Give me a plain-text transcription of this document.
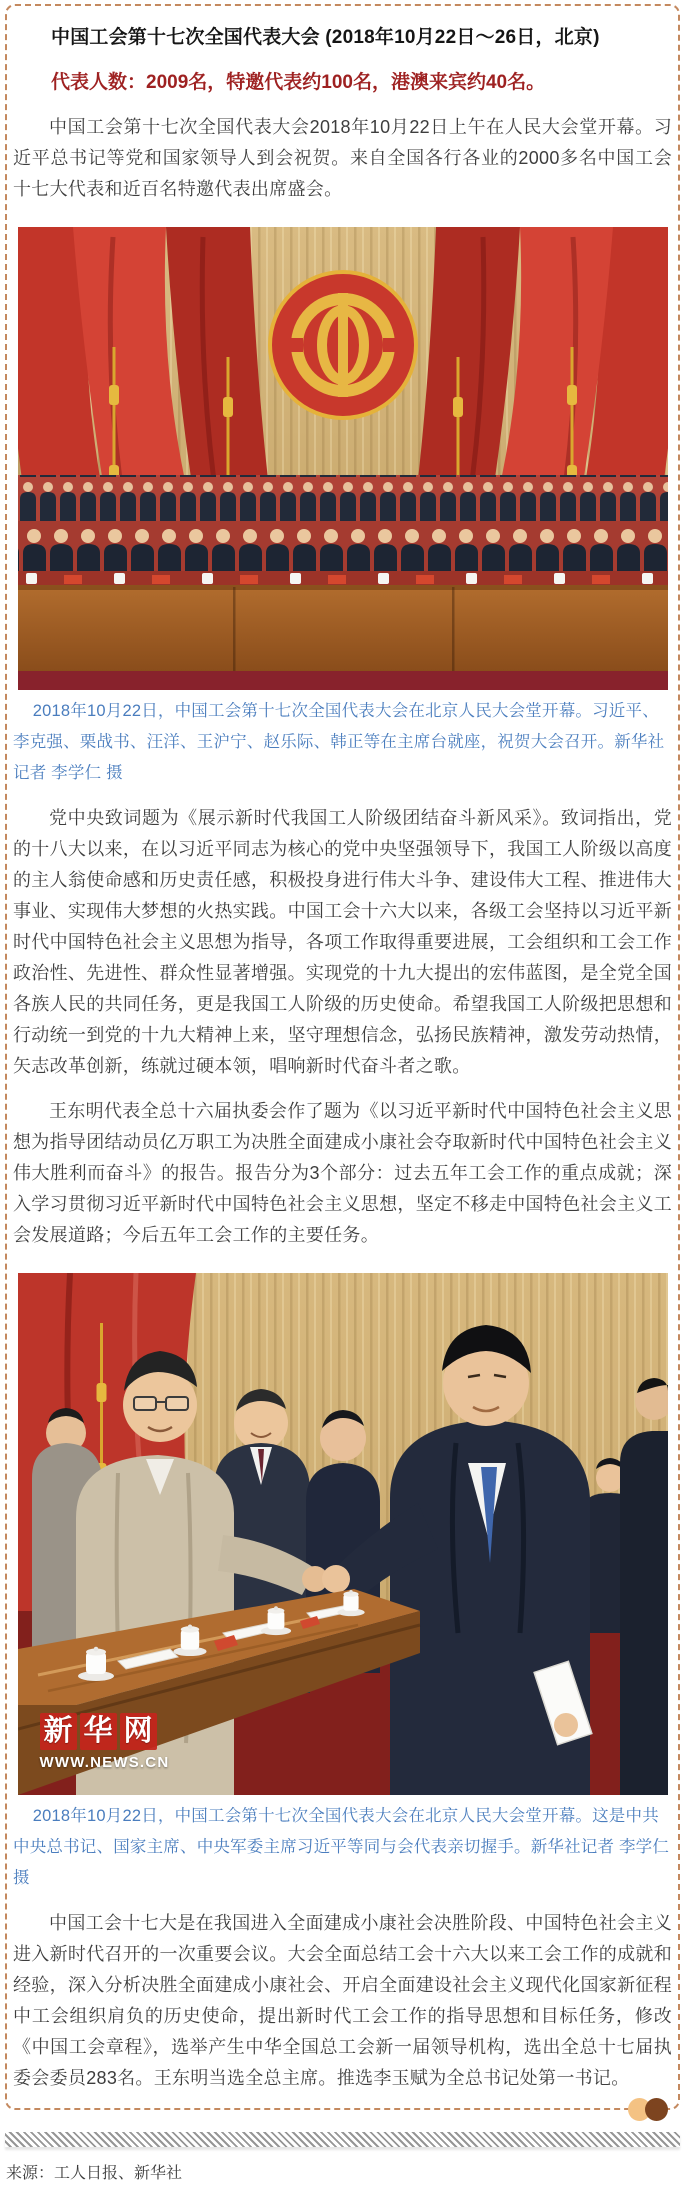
中国工会第十七次全国代表大会 (2018年10月22日～26日，北京)

代表人数：2009名，特邀代表约100名，港澳来宾约40名。

中国工会第十七次全国代表大会2018年10月22日上午在人民大会堂开幕。习近平总书记等党和国家领导人到会祝贺。来自全国各行各业的2000多名中国工会十七大代表和近百名特邀代表出席盛会。

2018年10月22日，中国工会第十七次全国代表大会在北京人民大会堂开幕。习近平、李克强、栗战书、汪洋、王沪宁、赵乐际、韩正等在主席台就座，祝贺大会召开。新华社记者 李学仁 摄

党中央致词题为《展示新时代我国工人阶级团结奋斗新风采》。致词指出，党的十八大以来，在以习近平同志为核心的党中央坚强领导下，我国工人阶级以高度的主人翁使命感和历史责任感，积极投身进行伟大斗争、建设伟大工程、推进伟大事业、实现伟大梦想的火热实践。中国工会十六大以来，各级工会坚持以习近平新时代中国特色社会主义思想为指导，各项工作取得重要进展，工会组织和工会工作政治性、先进性、群众性显著增强。实现党的十九大提出的宏伟蓝图，是全党全国各族人民的共同任务，更是我国工人阶级的历史使命。希望我国工人阶级把思想和行动统一到党的十九大精神上来，坚守理想信念，弘扬民族精神，激发劳动热情，矢志改革创新，练就过硬本领，唱响新时代奋斗者之歌。

王东明代表全总十六届执委会作了题为《以习近平新时代中国特色社会主义思想为指导团结动员亿万职工为决胜全面建成小康社会夺取新时代中国特色社会主义伟大胜利而奋斗》的报告。报告分为3个部分：过去五年工会工作的重点成就；深入学习贯彻习近平新时代中国特色社会主义思想，坚定不移走中国特色社会主义工会发展道路；今后五年工会工作的主要任务。

新 华 网
WWW.NEWS.CN

2018年10月22日，中国工会第十七次全国代表大会在北京人民大会堂开幕。这是中共中央总书记、国家主席、中央军委主席习近平等同与会代表亲切握手。新华社记者 李学仁 摄

中国工会十七大是在我国进入全面建成小康社会决胜阶段、中国特色社会主义进入新时代召开的一次重要会议。大会全面总结工会十六大以来工会工作的成就和经验，深入分析决胜全面建成小康社会、开启全面建设社会主义现代化国家新征程中工会组织肩负的历史使命，提出新时代工会工作的指导思想和目标任务，修改《中国工会章程》，选举产生中华全国总工会新一届领导机构，选出全总十七届执委会委员283名。王东明当选全总主席。推选李玉赋为全总书记处第一书记。

来源：工人日报、新华社
